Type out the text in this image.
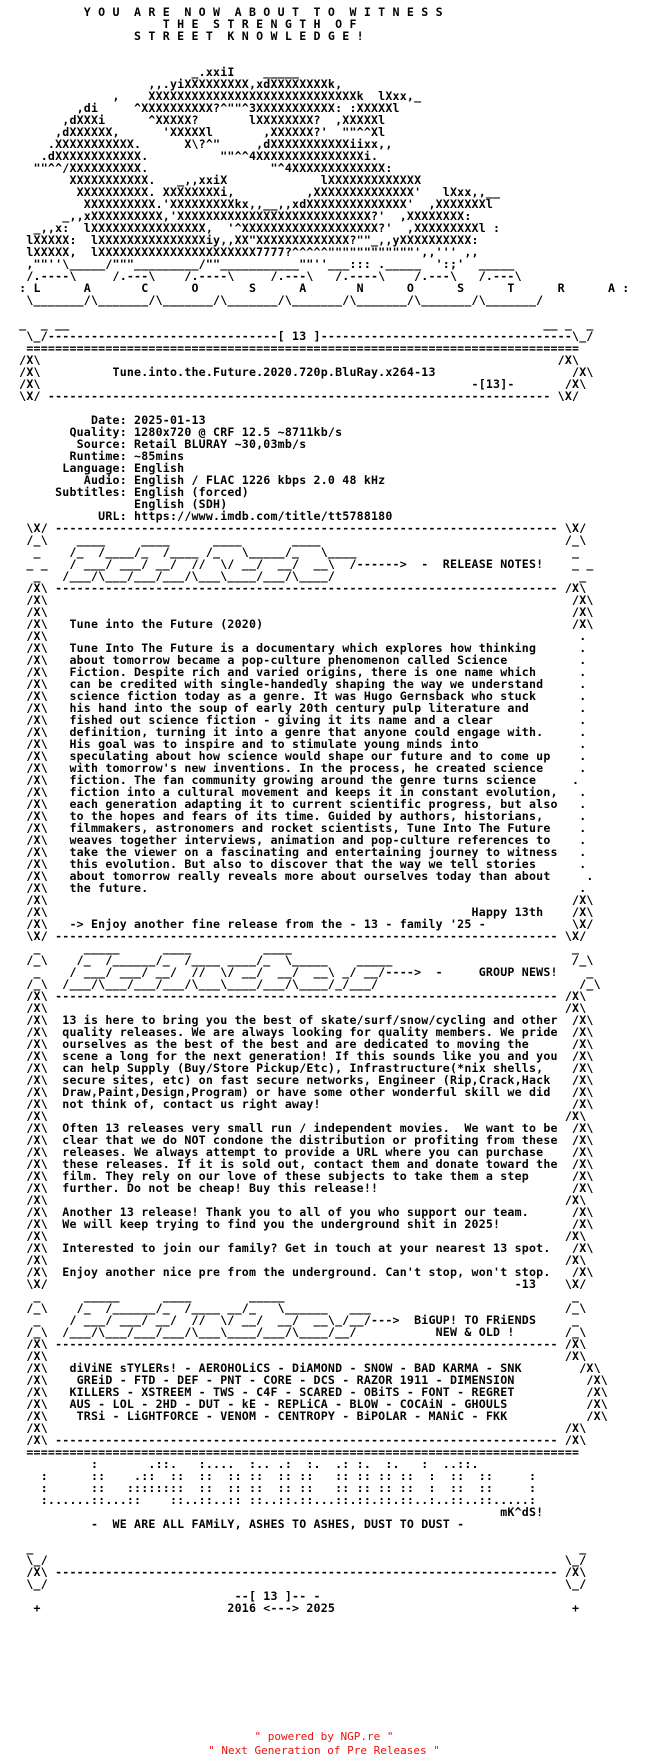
Y O U  A R E  N O W  A B O U T  T O  W I T N E S S
T H E  S T R E N G T H  O F
S T R E E T  K N O W L E D G E !

_.xxiI    _____
,,.yiXXXXXXXXX,xdXXXXXXXXk,
,    XXXXXXXXXXXXXXXXXXXXXXXXXXXXXk  lXxx,_
,di     ^XXXXXXXXXX?^""^3XXXXXXXXXXX: :XXXXXl
,dXXXi      ^XXXXX?       lXXXXXXXX?  ,XXXXXl
,dXXXXXX,      'XXXXXl       ,XXXXXX?'  ""^^Xl
.XXXXXXXXXXX.      X\?^"     ,dXXXXXXXXXXXiixx,,
.dXXXXXXXXXXXX.          ""^^4XXXXXXXXXXXXXXXi.
""^^/XXXXXXXXXX.                 "^4XXXXXXXXXXXXX:
XXXXXXXXXXX.   _,,xxiX             lXXXXXXXXXXXXX
XXXXXXXXXX. XXXXXXXXi,          ,XXXXXXXXXXXXXX'   lXxx,,__
XXXXXXXXXX.'XXXXXXXXXkx,,__,,xdXXXXXXXXXXXXXX'  ,XXXXXXXl
_,,xXXXXXXXXXX,'XXXXXXXXXXXXXXXXXXXXXXXXXXX?'  ,XXXXXXXX:
_,,x:  lXXXXXXXXXXXXXXXX,  '^XXXXXXXXXXXXXXXXXXX?'  ,XXXXXXXXXl :
lXXXXX:  lXXXXXXXXXXXXXXXiy,,XX"XXXXXXXXXXXXX?""_,,yXXXXXXXXXX:
lXXXXX,  lXXXXXXXXXXXXXXXXXXXXXX7777?^^^^^""""""""""""',,''' ,,
,""''\_____/"""_________/""___________""''___::: ._____  ':;'  _____
/.----\     /.---\    /.----\     /.---\   /.----\    /.---\   /.---\
: L      A       C      O       S      A       N      O      S      T      R      A :
\_______/\_______/\_______/\_______/\_______/\_______/\_______/\_______/

_  _ __                                                                  __ _  _
\_/--------------------------------[ 13 ]-----------------------------------\_/
=============================================================================
/X\                                                                        /X\
/X\          Tune.into.the.Future.2020.720p.BluRay.x264-13                   /X\
/X\                                                            -[13]-       /X\
\X/ ---------------------------------------------------------------------- \X/

Date: 2025-01-13
Quality: 1280x720 @ CRF 12.5 ~8711kb/s
Source: Retail BLURAY ~30,03mb/s
Runtime: ~85mins
Language: English
Audio: English / FLAC 1226 kbps 2.0 48 kHz
Subtitles: English (forced)
English (SDH)
URL: https://www.imdb.com/title/tt5788180
\X/ ---------------------------------------------------------------------- \X/
/_\    ____     ____      ____       ____                                  /_\
_    /_  /____/_  /____ /_   \_____/_   \____                              _
_ _   / ___/ ___/ __/  //  \/ __/  __/  __\  /------>  -  RELEASE NOTES!    _ _
_   /___/\___/___/___/\___\____/___/\____/                                  _
/X\ ---------------------------------------------------------------------- /X\
/X\                                                                         /X\
/X\                                                                         /X\
/X\   Tune into the Future (2020)                                           /X\
/X\                                                                          .
/X\   Tune Into The Future is a documentary which explores how thinking      .
/X\   about tomorrow became a pop-culture phenomenon called Science          .
/X\   Fiction. Despite rich and varied origins, there is one name which      .
/X\   can be credited with single-handedly shaping the way we understand     .
/X\   science fiction today as a genre. It was Hugo Gernsback who stuck      .
/X\   his hand into the soup of early 20th century pulp literature and       .
/X\   fished out science fiction - giving it its name and a clear            .
/X\   definition, turning it into a genre that anyone could engage with.     .
/X\   His goal was to inspire and to stimulate young minds into              .
/X\   speculating about how science would shape our future and to come up    .
/X\   with tomorrow's new inventions. In the process, he created science     .
/X\   fiction. The fan community growing around the genre turns science     .
/X\   fiction into a cultural movement and keeps it in constant evolution,   .
/X\   each generation adapting it to current scientific progress, but also   .
/X\   to the hopes and fears of its time. Guided by authors, historians,     .
/X\   filmmakers, astronomers and rocket scientists, Tune Into The Future    .
/X\   weaves together interviews, animation and pop-culture references to    .
/X\   take the viewer on a fascinating and entertaining journey to witness   .
/X\   this evolution. But also to discover that the way we tell stories      .
/X\   about tomorrow really reveals more about ourselves today than about     .
/X\   the future.                                                            .
/X\                                                                         /X\
/X\                                                           Happy 13th    /X\
/X\   -> Enjoy another fine release from the - 13 - family '25 -            \X/
\X/ ---------------------------------------------------------------------- \X/
_      _____      ____          ____                                       _
/_\    /_  /______/_  /____ ____/_  \_____    _____                         /_\
_    / ___/ ___/ __/  //  \/ __/  __/  __\ _/ __/---->  -     GROUP NEWS!    _
/_\  /___/\___/___/___/\___\____/___/\____/_/___/                            /_\
/X\ ---------------------------------------------------------------------- /X\
/X\                                                                        /X\
/X\  13 is here to bring you the best of skate/surf/snow/cycling and other  /X\
/X\  quality releases. We are always looking for quality members. We pride  /X\
/X\  ourselves as the best of the best and are dedicated to moving the      /X\
/X\  scene a long for the next generation! If this sounds like you and you  /X\
/X\  can help Supply (Buy/Store Pickup/Etc), Infrastructure(*nix shells,    /X\
/X\  secure sites, etc) on fast secure networks, Engineer (Rip,Crack,Hack   /X\
/X\  Draw,Paint,Design,Program) or have some other wonderful skill we did   /X\
/X\  not think of, contact us right away!                                   /X\
/X\                                                                        /X\
/X\  Often 13 releases very small run / independent movies.  We want to be  /X\
/X\  clear that we do NOT condone the distribution or profiting from these  /X\
/X\  releases. We always attempt to provide a URL where you can purchase    /X\
/X\  these releases. If it is sold out, contact them and donate toward the  /X\
/X\  film. They rely on our love of these subjects to take them a step      /X\
/X\  further. Do not be cheap! Buy this release!!                           /X\
/X\                                                                        /X\
/X\  Another 13 release! Thank you to all of you who support our team.      /X\
/X\  We will keep trying to find you the underground shit in 2025!          /X\
/X\                                                                        /X\
/X\  Interested to join our family? Get in touch at your nearest 13 spot.   /X\
/X\                                                                        /X\
/X\  Enjoy another nice pre from the underground. Can't stop, won't stop.   /X\
\X/                                                                 -13    \X/
_      _____      ____        _____                                        _
/_\    /_  /______/_  /____ __/_   \______   ___                           /_\
_    / ___/ ___/ __/  //  \/ __/  __/  __\_/__/--->  BiGUP! TO FRiENDS     _
/_\  /___/\___/___/___/\___\____/___/\____/__/           NEW & OLD !       /_\
/X\ ---------------------------------------------------------------------- /X\
/X\                                                                        /X\
/X\   diViNE sTYLERs! - AEROHOLiCS - DiAMOND - SNOW - BAD KARMA - SNK        /X\
/X\    GREiD - FTD - DEF - PNT - CORE - DCS - RAZOR 1911 - DIMENSION          /X\
/X\   KILLERS - XSTREEM - TWS - C4F - SCARED - OBiTS - FONT - REGRET          /X\
/X\   AUS - LOL - 2HD - DUT - kE - REPLiCA - BLOW - COCAiN - GHOULS           /X\
/X\    TRSi - LiGHTFORCE - VENOM - CENTROPY - BiPOLAR - MANiC - FKK           /X\
/X\                                                                        /X\
/X\ ---------------------------------------------------------------------- /X\
=============================================================================
:       .::.   :....  :.. .:  :.  .: :.  :.   :  ..::.
:      ::    .::  ::  ::  :: ::  :: ::   :: :: :: ::  :  ::  ::     :
:      ::   ::::::::  ::  :: ::  :: ::   :: :: :: ::  :  ::  ::     :
:......::...::    ::..::..:: ::..::.::...::.::.::.::..:..::..::.....:
mK^dS!
-  WE ARE ALL FAMiLY, ASHES TO ASHES, DUST TO DUST -

_                                                                            _
\_/                                                                        \_/
/X\ ---------------------------------------------------------------------- /X\
\_/                                                                        \_/
--[ 13 ]-- -
+                          2016 <---> 2025                                 +
" powered by NGP.re "
" Next Generation of Pre Releases "
